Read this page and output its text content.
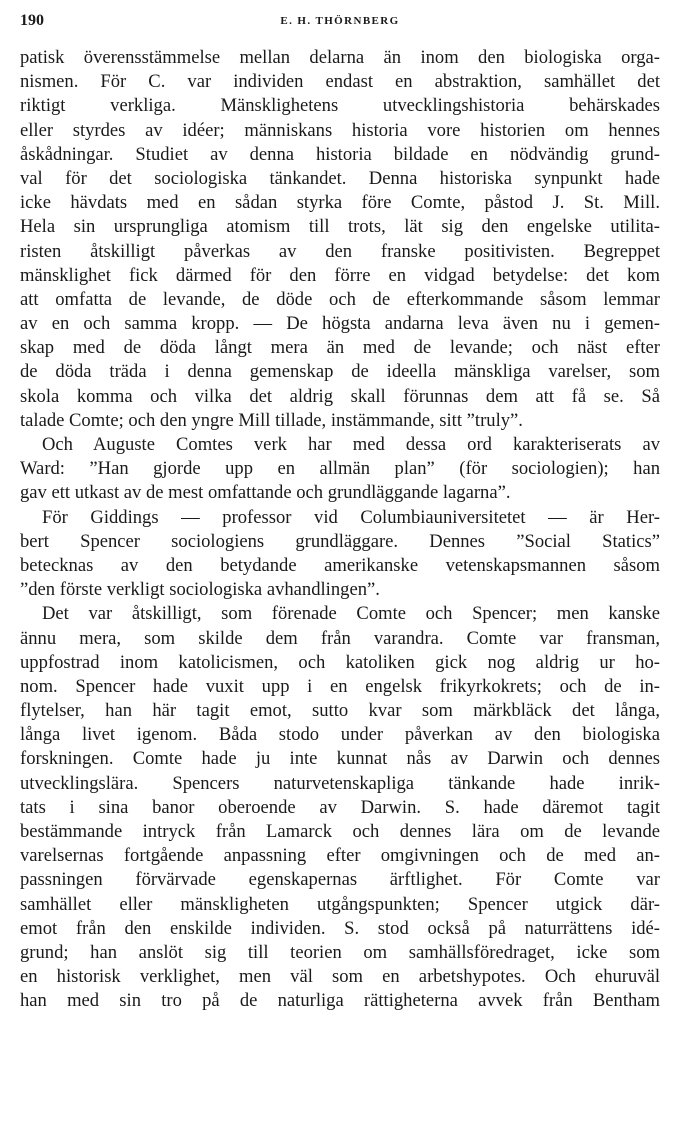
190	E. H. THÖRNBERG
patisk överensstämmelse mellan delarna än inom den biologiska orga-
nismen. För C. var individen endast en abstraktion, samhället det
riktigt verkliga. Mänsklighetens utvecklingshistoria behärskades
eller styrdes av idéer; människans historia vore historien om hennes
åskådningar. Studiet av denna historia bildade en nödvändig grund-
val för det sociologiska tänkandet. Denna historiska synpunkt hade
icke hävdats med en sådan styrka före Comte, påstod J. St. Mill.
Hela sin ursprungliga atomism till trots, lät sig den engelske utilita-
risten åtskilligt påverkas av den franske positivisten. Begreppet
mänsklighet fick därmed för den förre en vidgad betydelse: det kom
att omfatta de levande, de döde och de efterkommande såsom lemmar
av en och samma kropp. — De högsta andarna leva även nu i gemen-
skap med de döda långt mera än med de levande; och näst efter
de döda träda i denna gemenskap de ideella mänskliga varelser, som
skola komma och vilka det aldrig skall förunnas dem att få se. Så
talade Comte; och den yngre Mill tillade, instämmande, sitt ”truly”.
Och Auguste Comtes verk har med dessa ord karakteriserats av
Ward: ”Han gjorde upp en allmän plan” (för sociologien); han
gav ett utkast av de mest omfattande och grundläggande lagarna”.
För Giddings — professor vid Columbiauniversitetet — är Her-
bert Spencer sociologiens grundläggare. Dennes ”Social Statics”
betecknas av den betydande amerikanske vetenskapsmannen såsom
”den förste verkligt sociologiska avhandlingen”.
Det var åtskilligt, som förenade Comte och Spencer; men kanske
ännu mera, som skilde dem från varandra. Comte var fransman,
uppfostrad inom katolicismen, och katoliken gick nog aldrig ur ho-
nom. Spencer hade vuxit upp i en engelsk frikyrkokrets; och de in-
flytelser, han här tagit emot, sutto kvar som märkbläck det långa,
långa livet igenom. Båda stodo under påverkan av den biologiska
forskningen. Comte hade ju inte kunnat nås av Darwin och dennes
utvecklingslära. Spencers naturvetenskapliga tänkande hade inrik-
tats i sina banor oberoende av Darwin. S. hade däremot tagit
bestämmande intryck från Lamarck och dennes lära om de levande
varelsernas fortgående anpassning efter omgivningen och de med an-
passningen förvärvade egenskapernas ärftlighet. För Comte var
samhället eller mänskligheten utgångspunkten; Spencer utgick där-
emot från den enskilde individen. S. stod också på naturrättens idé-
grund; han anslöt sig till teorien om samhällsföredraget, icke som
en historisk verklighet, men väl som en arbetshypotes. Och ehuruväl
han med sin tro på de naturliga rättigheterna avvek från Bentham
